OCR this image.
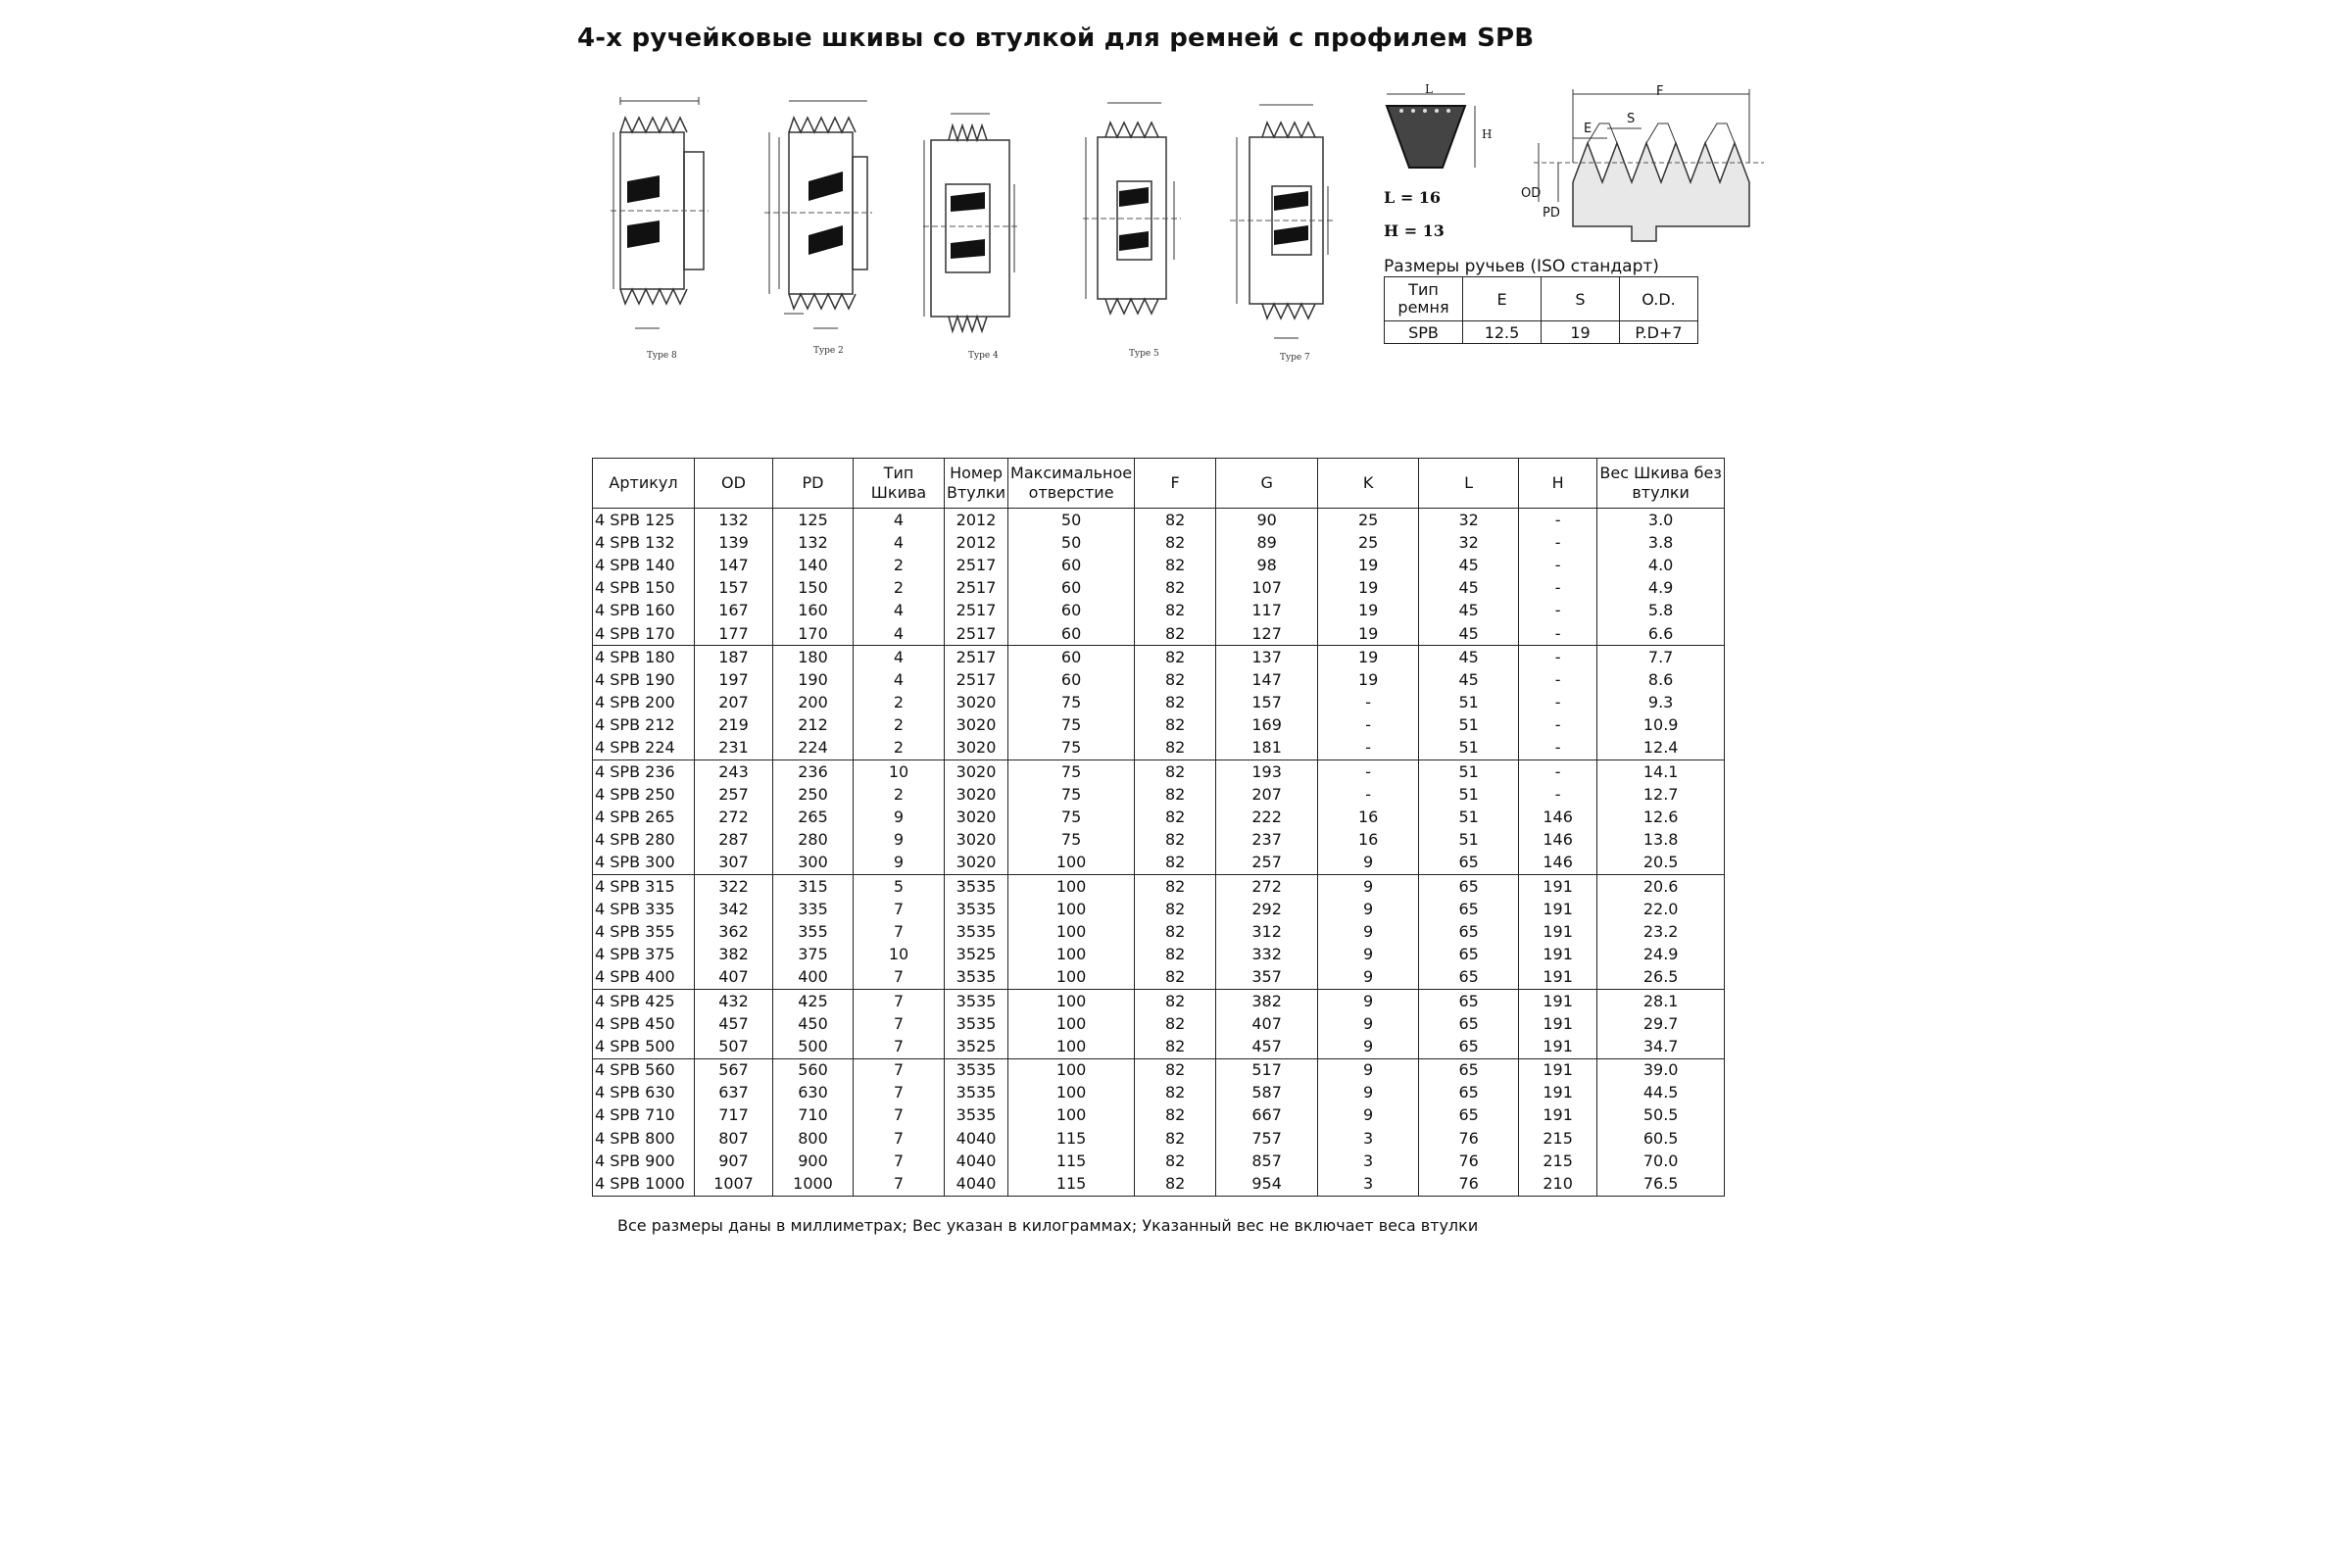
4-х ручейковые шкивы со втулкой для ремней с профилем SPB
Type 8	Type 2	Type 4	Type 5	Type 7
L
H
L = 16
H = 13
F
E
S
OD
PD
Размеры ручьев (ISO стандарт)
Тип ремня	E	S	O.D.
SPB	12.5	19	P.D+7
Артикул	OD	PD	Тип Шкива	Номер Втулки	Максимальное отверстие	F	G	K	L	H	Вес Шкива без втулки
4 SPB 125	132	125	4	2012	50	82	90	25	32	-	3.0
4 SPB 132	139	132	4	2012	50	82	89	25	32	-	3.8
4 SPB 140	147	140	2	2517	60	82	98	19	45	-	4.0
4 SPB 150	157	150	2	2517	60	82	107	19	45	-	4.9
4 SPB 160	167	160	4	2517	60	82	117	19	45	-	5.8
4 SPB 170	177	170	4	2517	60	82	127	19	45	-	6.6
4 SPB 180	187	180	4	2517	60	82	137	19	45	-	7.7
4 SPB 190	197	190	4	2517	60	82	147	19	45	-	8.6
4 SPB 200	207	200	2	3020	75	82	157	-	51	-	9.3
4 SPB 212	219	212	2	3020	75	82	169	-	51	-	10.9
4 SPB 224	231	224	2	3020	75	82	181	-	51	-	12.4
4 SPB 236	243	236	10	3020	75	82	193	-	51	-	14.1
4 SPB 250	257	250	2	3020	75	82	207	-	51	-	12.7
4 SPB 265	272	265	9	3020	75	82	222	16	51	146	12.6
4 SPB 280	287	280	9	3020	75	82	237	16	51	146	13.8
4 SPB 300	307	300	9	3020	100	82	257	9	65	146	20.5
4 SPB 315	322	315	5	3535	100	82	272	9	65	191	20.6
4 SPB 335	342	335	7	3535	100	82	292	9	65	191	22.0
4 SPB 355	362	355	7	3535	100	82	312	9	65	191	23.2
4 SPB 375	382	375	10	3525	100	82	332	9	65	191	24.9
4 SPB 400	407	400	7	3535	100	82	357	9	65	191	26.5
4 SPB 425	432	425	7	3535	100	82	382	9	65	191	28.1
4 SPB 450	457	450	7	3535	100	82	407	9	65	191	29.7
4 SPB 500	507	500	7	3525	100	82	457	9	65	191	34.7
4 SPB 560	567	560	7	3535	100	82	517	9	65	191	39.0
4 SPB 630	637	630	7	3535	100	82	587	9	65	191	44.5
4 SPB 710	717	710	7	3535	100	82	667	9	65	191	50.5
4 SPB 800	807	800	7	4040	115	82	757	3	76	215	60.5
4 SPB 900	907	900	7	4040	115	82	857	3	76	215	70.0
4 SPB 1000	1007	1000	7	4040	115	82	954	3	76	210	76.5
Все размеры даны в миллиметрах; Вес указан в килограммах; Указанный вес не включает веса втулки
